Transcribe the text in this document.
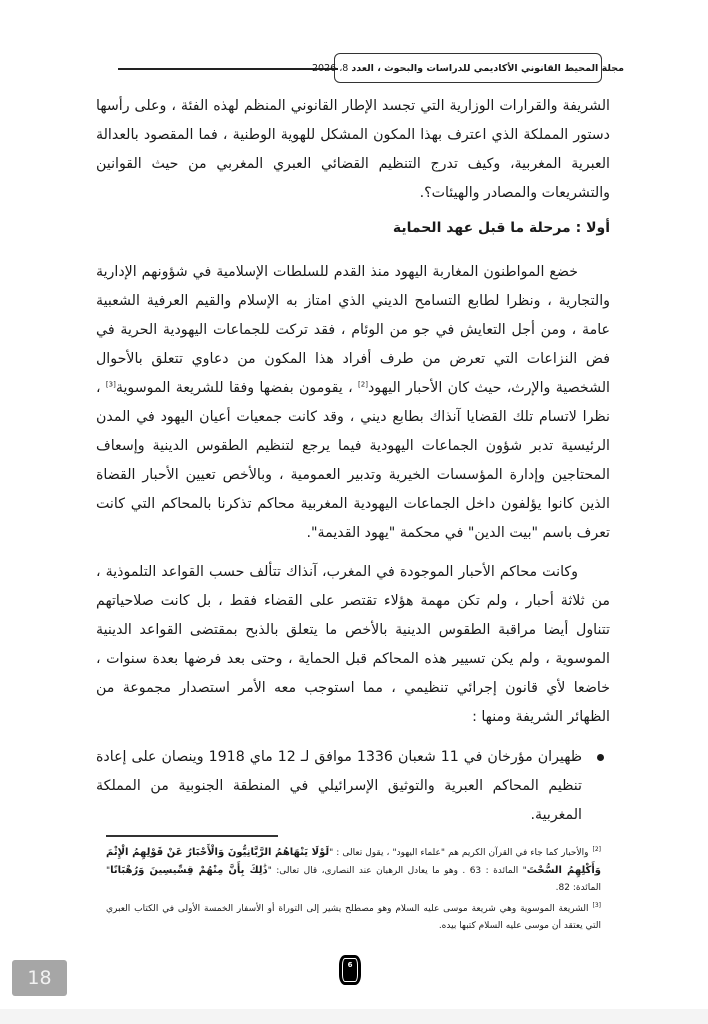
مجلة المحيط القانوني الأكاديمي للدراسات والبحوث ، العدد
8، 2026

الشريفة والقرارات الوزارية التي تجسد الإطار القانوني المنظم لهذه الفئة ، وعلى رأسها دستور المملكة الذي اعترف بهذا المكون المشكل للهوية الوطنية ، فما المقصود بالعدالة العبرية المغربية، وكيف تدرج التنظيم القضائي العبري المغربي من حيث القوانين والتشريعات والمصادر والهيئات؟.

أولا : مرحلة ما قبل عهد الحماية

خضع المواطنون المغاربة اليهود منذ القدم للسلطات الإسلامية في شؤونهم الإدارية والتجارية ، ونظرا لطابع التسامح الديني الذي امتاز به الإسلام والقيم العرفية الشعبية عامة ، ومن أجل التعايش في جو من الوئام ، فقد تركت للجماعات اليهودية الحرية في فض النزاعات التي تعرض من طرف أفراد هذا المكون من دعاوي تتعلق بالأحوال الشخصية والإرث، حيث كان الأحبار اليهود[2] ، يقومون بفضها وفقا للشريعة الموسوية[3] ، نظرا لاتسام تلك القضايا آنذاك بطابع ديني ، وقد كانت جمعيات أعيان اليهود في المدن الرئيسية تدبر شؤون الجماعات اليهودية فيما يرجع لتنظيم الطقوس الدينية وإسعاف المحتاجين وإدارة المؤسسات الخيرية وتدبير العمومية ، وبالأخص تعيين الأحبار القضاة الذين كانوا يؤلفون داخل الجماعات اليهودية المغربية محاكم تذكرنا بالمحاكم التي كانت تعرف باسم "بيت الدين" في محكمة "يهود القديمة".

وكانت محاكم الأحبار الموجودة في المغرب، آنذاك تتألف حسب القواعد التلموذية ، من ثلاثة أحبار ، ولم تكن مهمة هؤلاء تقتصر على القضاء فقط ، بل كانت صلاحياتهم تتناول أيضا مراقبة الطقوس الدينية بالأخص ما يتعلق بالذبح بمقتضى القواعد الدينية الموسوية ، ولم يكن تسيير هذه المحاكم قبل الحماية ، وحتى بعد فرضها بعدة سنوات ، خاضعا لأي قانون إجرائي تنظيمي ، مما استوجب معه الأمر استصدار مجموعة من الظهائر الشريفة ومنها :

ظهيران مؤرخان في 11 شعبان 1336 موافق لـ 12 ماي 1918 وينصان على إعادة تنظيم المحاكم العبرية والتوثيق الإسرائيلي في المنطقة الجنوبية من المملكة المغربية.

[2]والأحبار كما جاء في القرآن الكريم هم "علماء اليهود" ، يقول تعالى : "لَوْلَا يَنْهَاهُمُ الرَّبَّانِيُّونَ وَالْأَحْبَارُ عَنْ قَوْلِهِمُ الْإِثْمَ وَأَكْلِهِمُ السُّحْتَ" المائدة : 63 . وهو ما يعادل الرهبان عند النصارى، قال تعالى: "ذَٰلِكَ بِأَنَّ مِنْهُمْ قِسِّيسِينَ وَرُهْبَانًا" المائدة: 82.

[3]الشريعة الموسوية وهي شريعة موسى عليه السلام وهو مصطلح يشير إلى التوراة أو الأسفار الخمسة الأولى في الكتاب العبري التي يعتقد أن موسى عليه السلام كتبها بيده.

6
18
